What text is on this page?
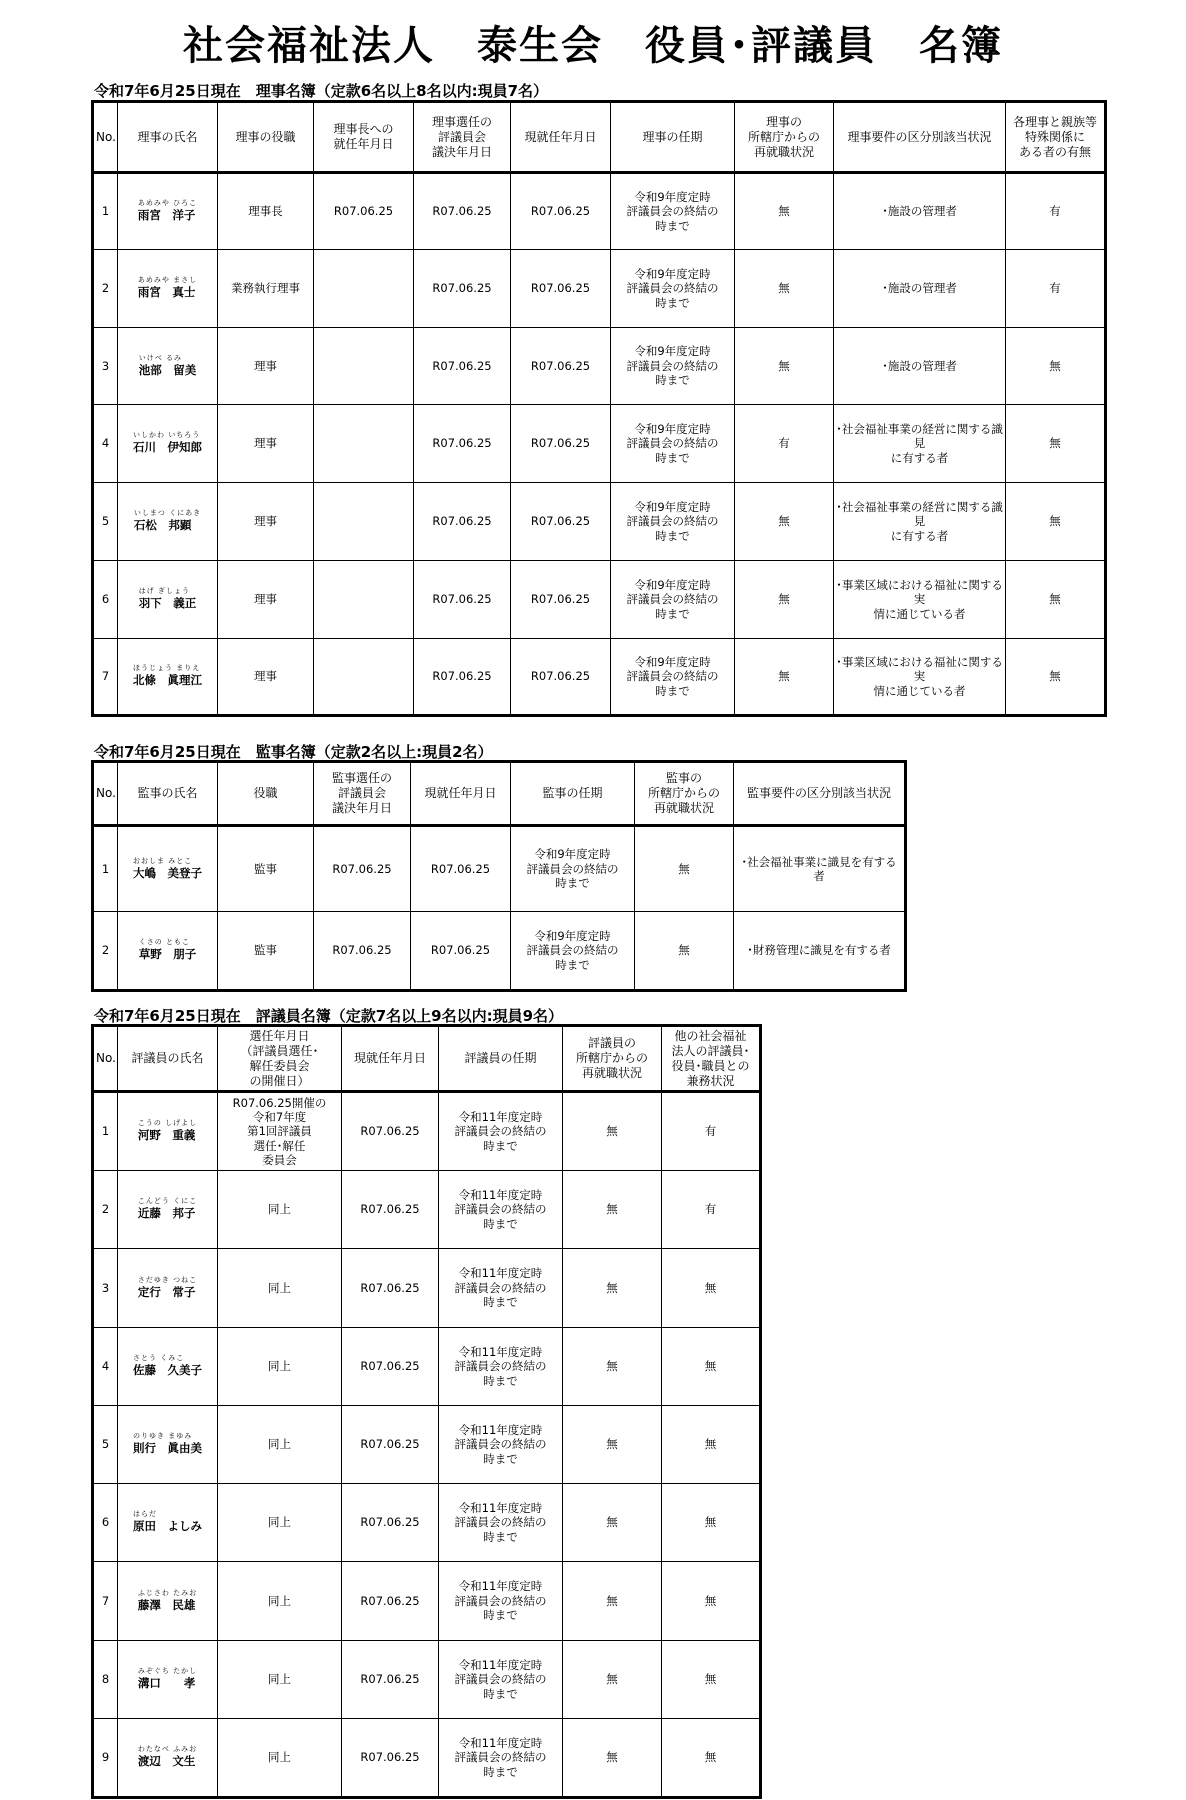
社会福祉法人　泰生会　役員･評議員　名簿
令和7年6月25日現在　理事名簿（定款6名以上8名以内:現員7名）
No.	理事の氏名	理事の役職	理事長への
就任年月日	理事選任の
評議員会
議決年月日	現就任年月日	理事の任期	理事の
所轄庁からの
再就職状況	理事要件の区分別該当状況	各理事と親族等
特殊関係に
ある者の有無
1	あめみや ひろこ
雨宮　洋子	理事長	R07.06.25	R07.06.25	R07.06.25	令和9年度定時
評議員会の終結の
時まで	無	･施設の管理者	有
2	あめみや まさし
雨宮　真士	業務執行理事		R07.06.25	R07.06.25	令和9年度定時
評議員会の終結の
時まで	無	･施設の管理者	有
3	いけべ るみ
池部　留美	理事		R07.06.25	R07.06.25	令和9年度定時
評議員会の終結の
時まで	無	･施設の管理者	無
4	いしかわ いちろう
石川　伊知郎	理事		R07.06.25	R07.06.25	令和9年度定時
評議員会の終結の
時まで	有	･社会福祉事業の経営に関する識見
に有する者	無
5	いしまつ くにあき
石松　邦顕	理事		R07.06.25	R07.06.25	令和9年度定時
評議員会の終結の
時まで	無	･社会福祉事業の経営に関する識見
に有する者	無
6	はげ ぎしょう
羽下　義正	理事		R07.06.25	R07.06.25	令和9年度定時
評議員会の終結の
時まで	無	･事業区域における福祉に関する実
情に通じている者	無
7	ほうじょう まりえ
北條　眞理江	理事		R07.06.25	R07.06.25	令和9年度定時
評議員会の終結の
時まで	無	･事業区域における福祉に関する実
情に通じている者	無
令和7年6月25日現在　監事名簿（定款2名以上:現員2名）
No.	監事の氏名	役職	監事選任の
評議員会
議決年月日	現就任年月日	監事の任期	監事の
所轄庁からの
再就職状況	監事要件の区分別該当状況
1	おおしま みとこ
大嶋　美登子	監事	R07.06.25	R07.06.25	令和9年度定時
評議員会の終結の
時まで	無	･社会福祉事業に識見を有する者
2	くさの ともこ
草野　朋子	監事	R07.06.25	R07.06.25	令和9年度定時
評議員会の終結の
時まで	無	･財務管理に識見を有する者
令和7年6月25日現在　評議員名簿（定款7名以上9名以内:現員9名）
No.	評議員の氏名	選任年月日
（評議員選任･
解任委員会
の開催日）	現就任年月日	評議員の任期	評議員の
所轄庁からの
再就職状況	他の社会福祉
法人の評議員･
役員･職員との
兼務状況
1	こうの しげよし
河野　重義	R07.06.25開催の
令和7年度
第1回評議員
選任･解任
委員会	R07.06.25	令和11年度定時
評議員会の終結の
時まで	無	有
2	こんどう くにこ
近藤　邦子	同上	R07.06.25	令和11年度定時
評議員会の終結の
時まで	無	有
3	さだゆき つねこ
定行　常子	同上	R07.06.25	令和11年度定時
評議員会の終結の
時まで	無	無
4	さとう くみこ
佐藤　久美子	同上	R07.06.25	令和11年度定時
評議員会の終結の
時まで	無	無
5	のりゆき まゆみ
則行　眞由美	同上	R07.06.25	令和11年度定時
評議員会の終結の
時まで	無	無
6	はらだ
原田　よしみ	同上	R07.06.25	令和11年度定時
評議員会の終結の
時まで	無	無
7	ふじさわ たみお
藤澤　民雄	同上	R07.06.25	令和11年度定時
評議員会の終結の
時まで	無	無
8	みぞぐち たかし
溝口　　孝	同上	R07.06.25	令和11年度定時
評議員会の終結の
時まで	無	無
9	わたなべ ふみお
渡辺　文生	同上	R07.06.25	令和11年度定時
評議員会の終結の
時まで	無	無
